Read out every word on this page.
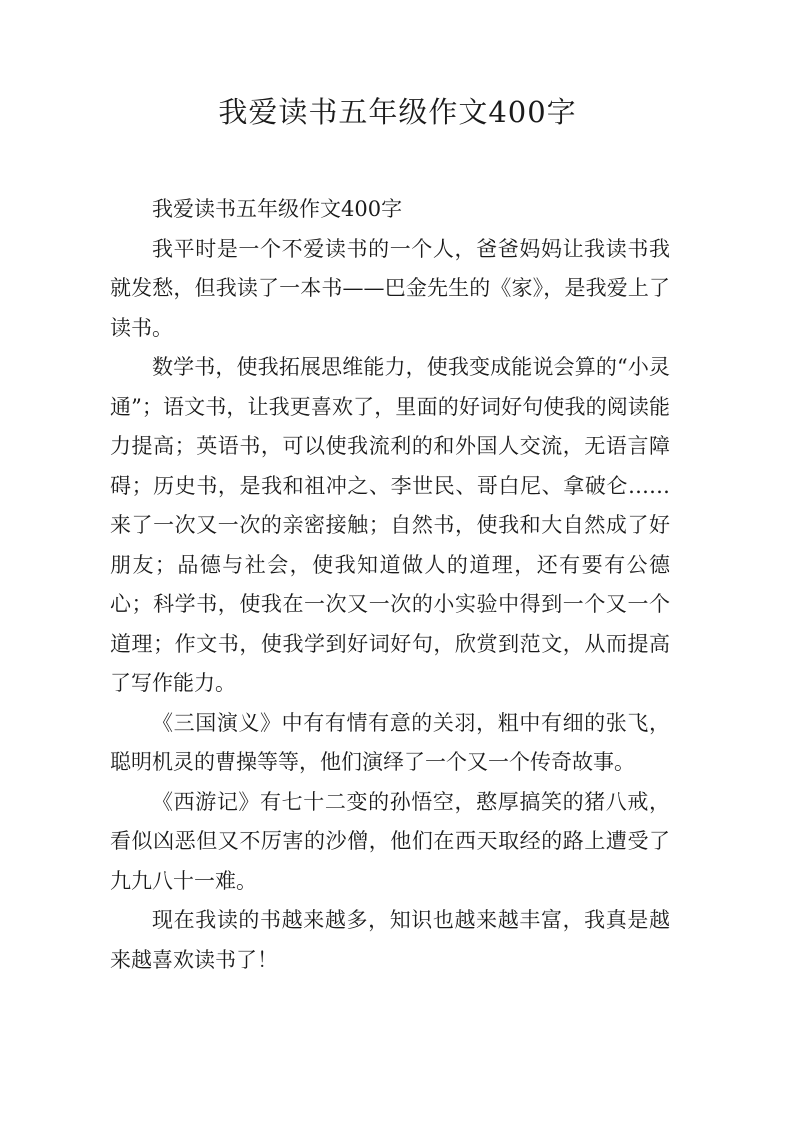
我爱读书五年级作文400字

我爱读书五年级作文400字

我平时是一个不爱读书的一个人，爸爸妈妈让我读书我就发愁，但我读了一本书——巴金先生的《家》，是我爱上了读书。

数学书，使我拓展思维能力，使我变成能说会算的“小灵通”；语文书，让我更喜欢了，里面的好词好句使我的阅读能力提高；英语书，可以使我流利的和外国人交流，无语言障碍；历史书，是我和祖冲之、李世民、哥白尼、拿破仑……来了一次又一次的亲密接触；自然书，使我和大自然成了好朋友；品德与社会，使我知道做人的道理，还有要有公德心；科学书，使我在一次又一次的小实验中得到一个又一个道理；作文书，使我学到好词好句，欣赏到范文，从而提高了写作能力。

《三国演义》中有有情有意的关羽，粗中有细的张飞，聪明机灵的曹操等等，他们演绎了一个又一个传奇故事。

《西游记》有七十二变的孙悟空，憨厚搞笑的猪八戒，看似凶恶但又不厉害的沙僧，他们在西天取经的路上遭受了九九八十一难。

现在我读的书越来越多，知识也越来越丰富，我真是越来越喜欢读书了！
